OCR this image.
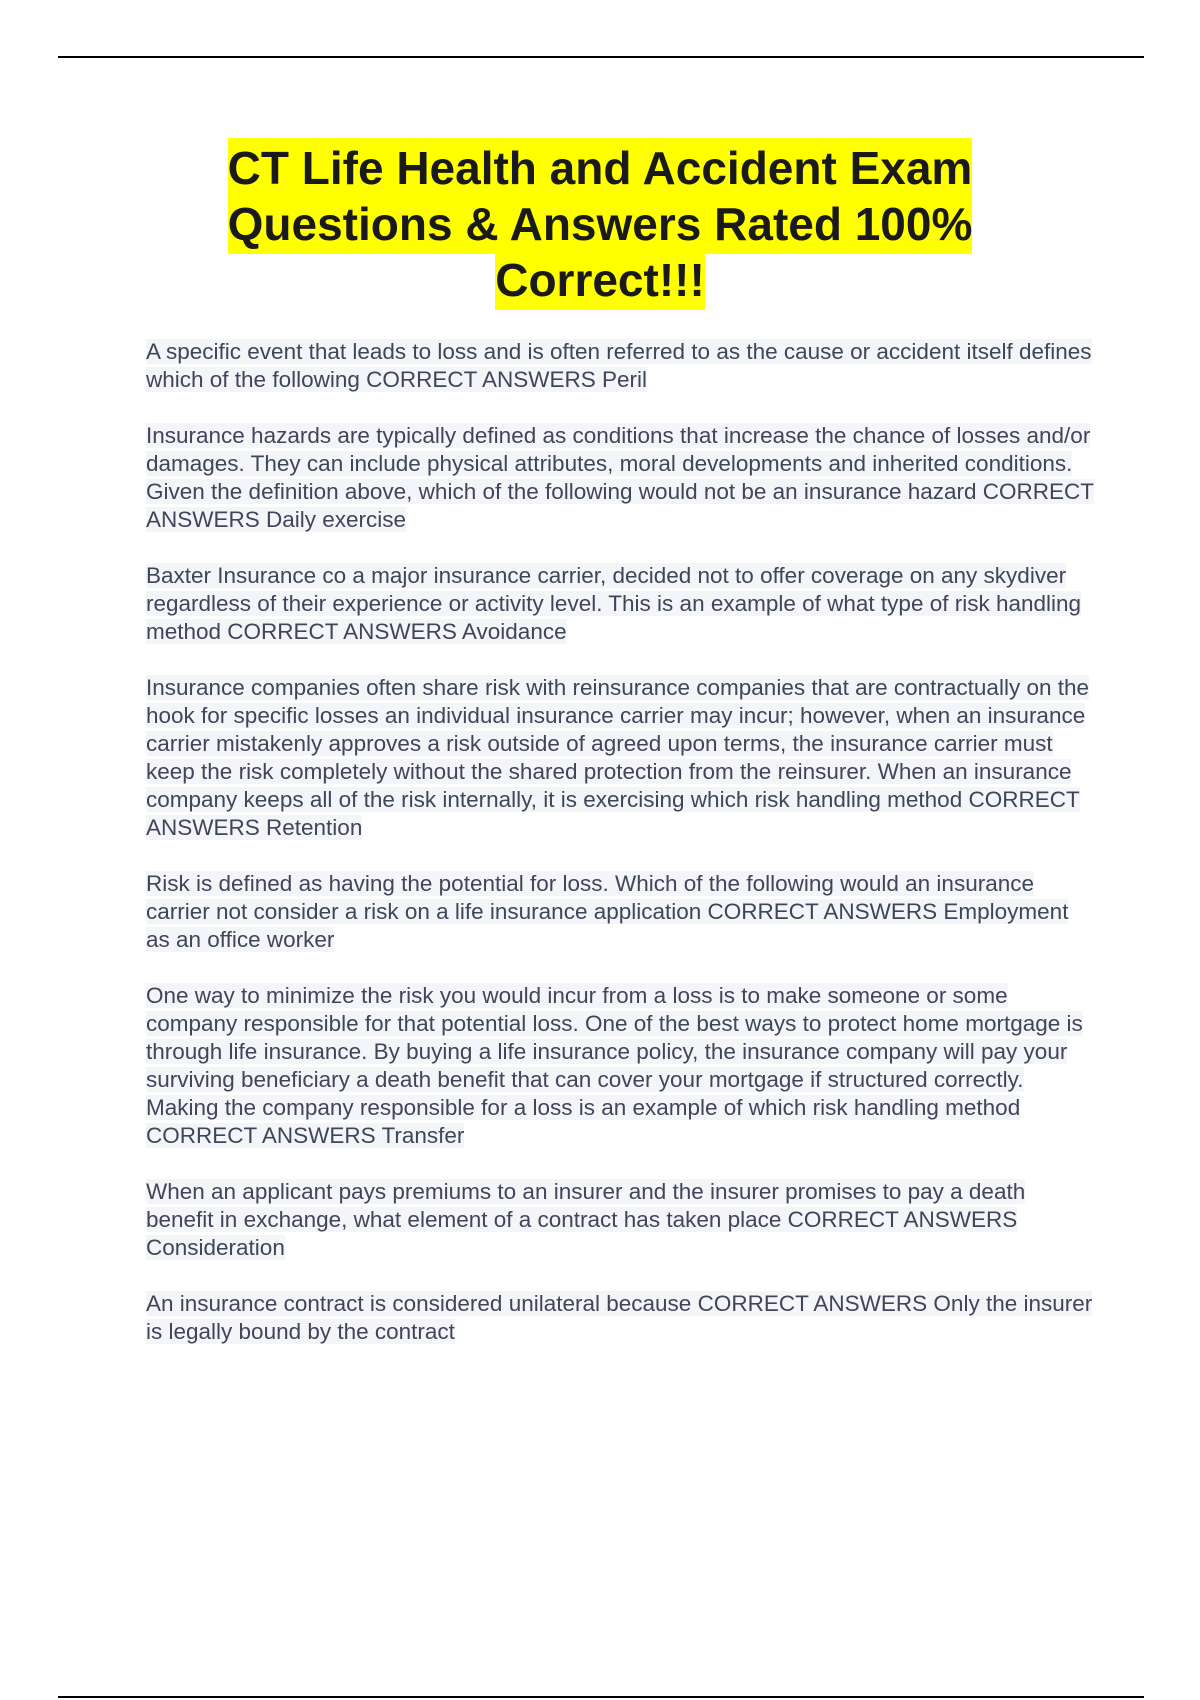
CT Life Health and Accident Exam Questions & Answers Rated 100% Correct!!!

A specific event that leads to loss and is often referred to as the cause or accident itself defines which of the following CORRECT ANSWERS Peril

Insurance hazards are typically defined as conditions that increase the chance of losses and/or damages. They can include physical attributes, moral developments and inherited conditions. Given the definition above, which of the following would not be an insurance hazard CORRECT ANSWERS Daily exercise

Baxter Insurance co a major insurance carrier, decided not to offer coverage on any skydiver regardless of their experience or activity level. This is an example of what type of risk handling method CORRECT ANSWERS Avoidance

Insurance companies often share risk with reinsurance companies that are contractually on the hook for specific losses an individual insurance carrier may incur; however, when an insurance carrier mistakenly approves a risk outside of agreed upon terms, the insurance carrier must keep the risk completely without the shared protection from the reinsurer. When an insurance company keeps all of the risk internally, it is exercising which risk handling method CORRECT ANSWERS Retention

Risk is defined as having the potential for loss. Which of the following would an insurance carrier not consider a risk on a life insurance application CORRECT ANSWERS Employment as an office worker

One way to minimize the risk you would incur from a loss is to make someone or some company responsible for that potential loss. One of the best ways to protect home mortgage is through life insurance. By buying a life insurance policy, the insurance company will pay your surviving beneficiary a death benefit that can cover your mortgage if structured correctly. Making the company responsible for a loss is an example of which risk handling method CORRECT ANSWERS Transfer

When an applicant pays premiums to an insurer and the insurer promises to pay a death benefit in exchange, what element of a contract has taken place CORRECT ANSWERS Consideration

An insurance contract is considered unilateral because CORRECT ANSWERS Only the insurer is legally bound by the contract
